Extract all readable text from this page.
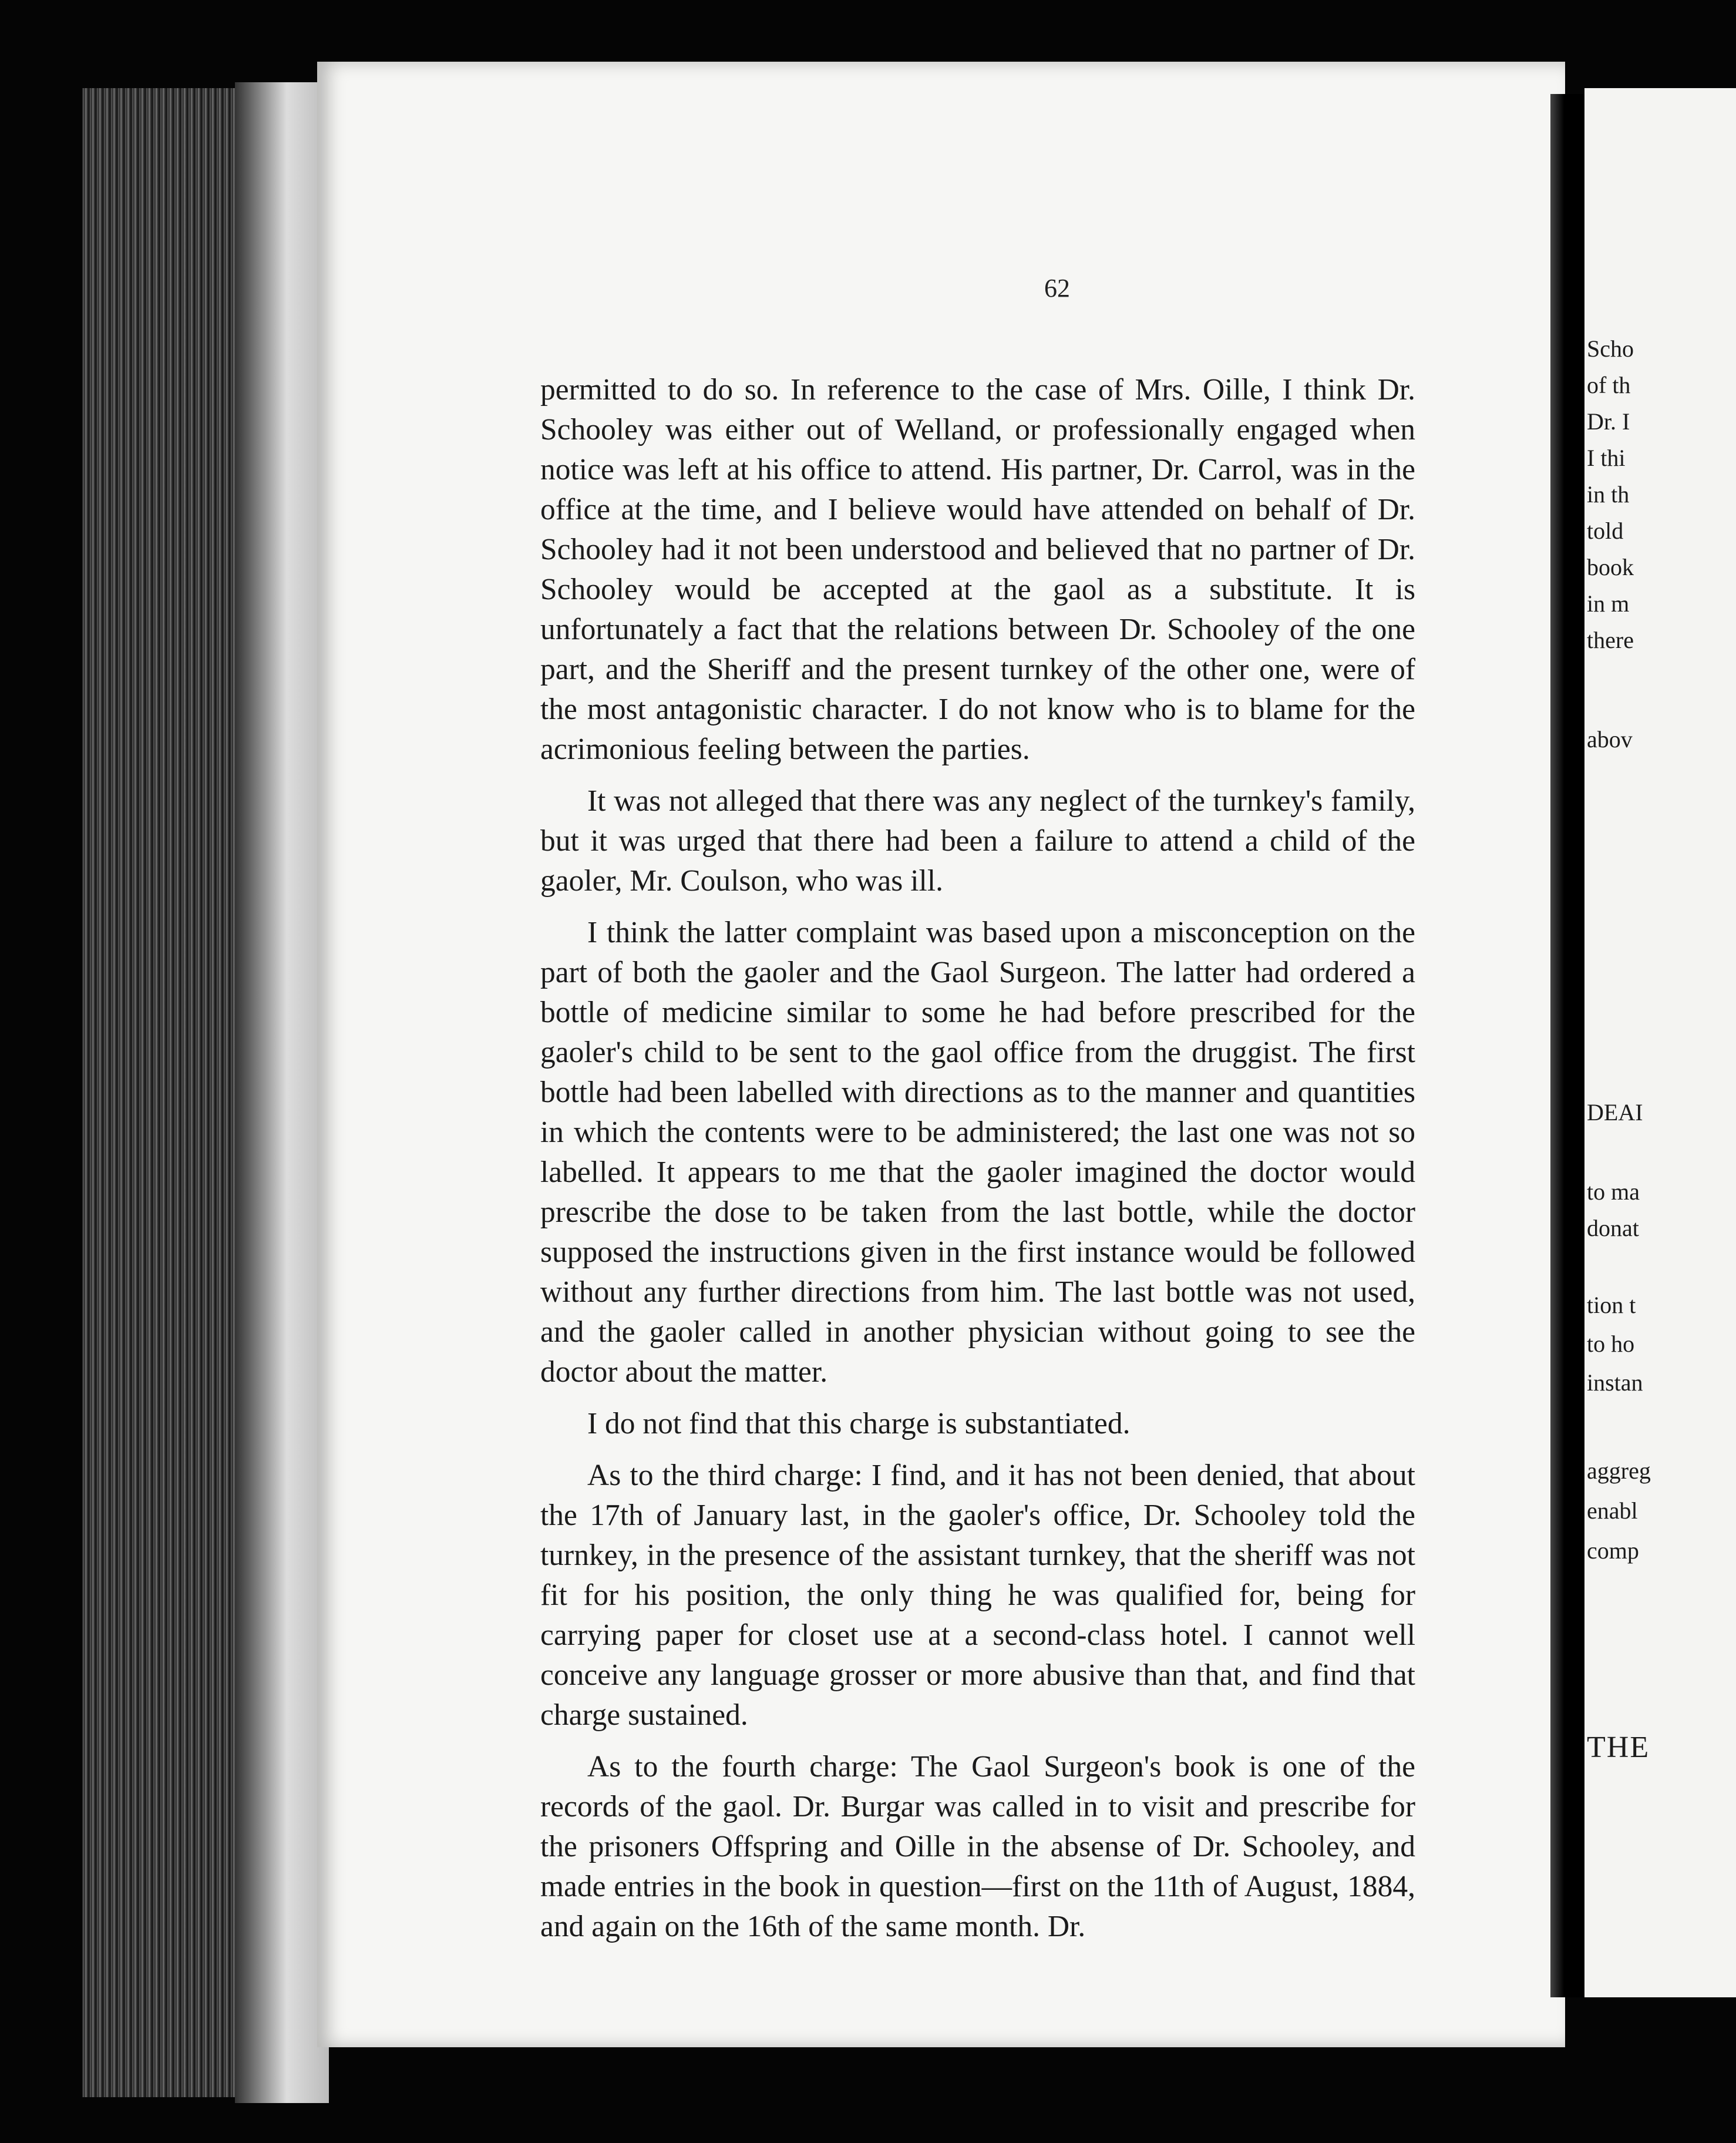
62

permitted to do so. In reference to the case of Mrs. Oille, I think Dr. Schooley was either out of Welland, or professionally engaged when notice was left at his office to attend. His partner, Dr. Carrol, was in the office at the time, and I believe would have attended on behalf of Dr. Schooley had it not been understood and believed that no partner of Dr. Schooley would be accepted at the gaol as a substitute. It is unfortunately a fact that the relations between Dr. Schooley of the one part, and the Sheriff and the present turnkey of the other one, were of the most antagonistic character. I do not know who is to blame for the acrimonious feeling between the parties.

It was not alleged that there was any neglect of the turnkey's family, but it was urged that there had been a failure to attend a child of the gaoler, Mr. Coulson, who was ill.

I think the latter complaint was based upon a misconception on the part of both the gaoler and the Gaol Surgeon. The latter had ordered a bottle of medicine similar to some he had before prescribed for the gaoler's child to be sent to the gaol office from the druggist. The first bottle had been labelled with directions as to the manner and quantities in which the contents were to be administered; the last one was not so labelled. It appears to me that the gaoler imagined the doctor would prescribe the dose to be taken from the last bottle, while the doctor supposed the instructions given in the first instance would be followed without any further directions from him. The last bottle was not used, and the gaoler called in another physician without going to see the doctor about the matter.

I do not find that this charge is substantiated.

As to the third charge: I find, and it has not been denied, that about the 17th of January last, in the gaoler's office, Dr. Schooley told the turnkey, in the presence of the assistant turnkey, that the sheriff was not fit for his position, the only thing he was qualified for, being for carrying paper for closet use at a second-class hotel. I cannot well conceive any language grosser or more abusive than that, and find that charge sustained.

As to the fourth charge: The Gaol Surgeon's book is one of the records of the gaol. Dr. Burgar was called in to visit and prescribe for the prisoners Offspring and Oille in the absense of Dr. Schooley, and made entries in the book in question—first on the 11th of August, 1884, and again on the 16th of the same month. Dr.

Scho
of th
Dr. I
I thi
in th
told
book
in m
there
abov
DEAI
to ma
donat
tion t
to ho
instan
aggreg
enabl
comp
THE
